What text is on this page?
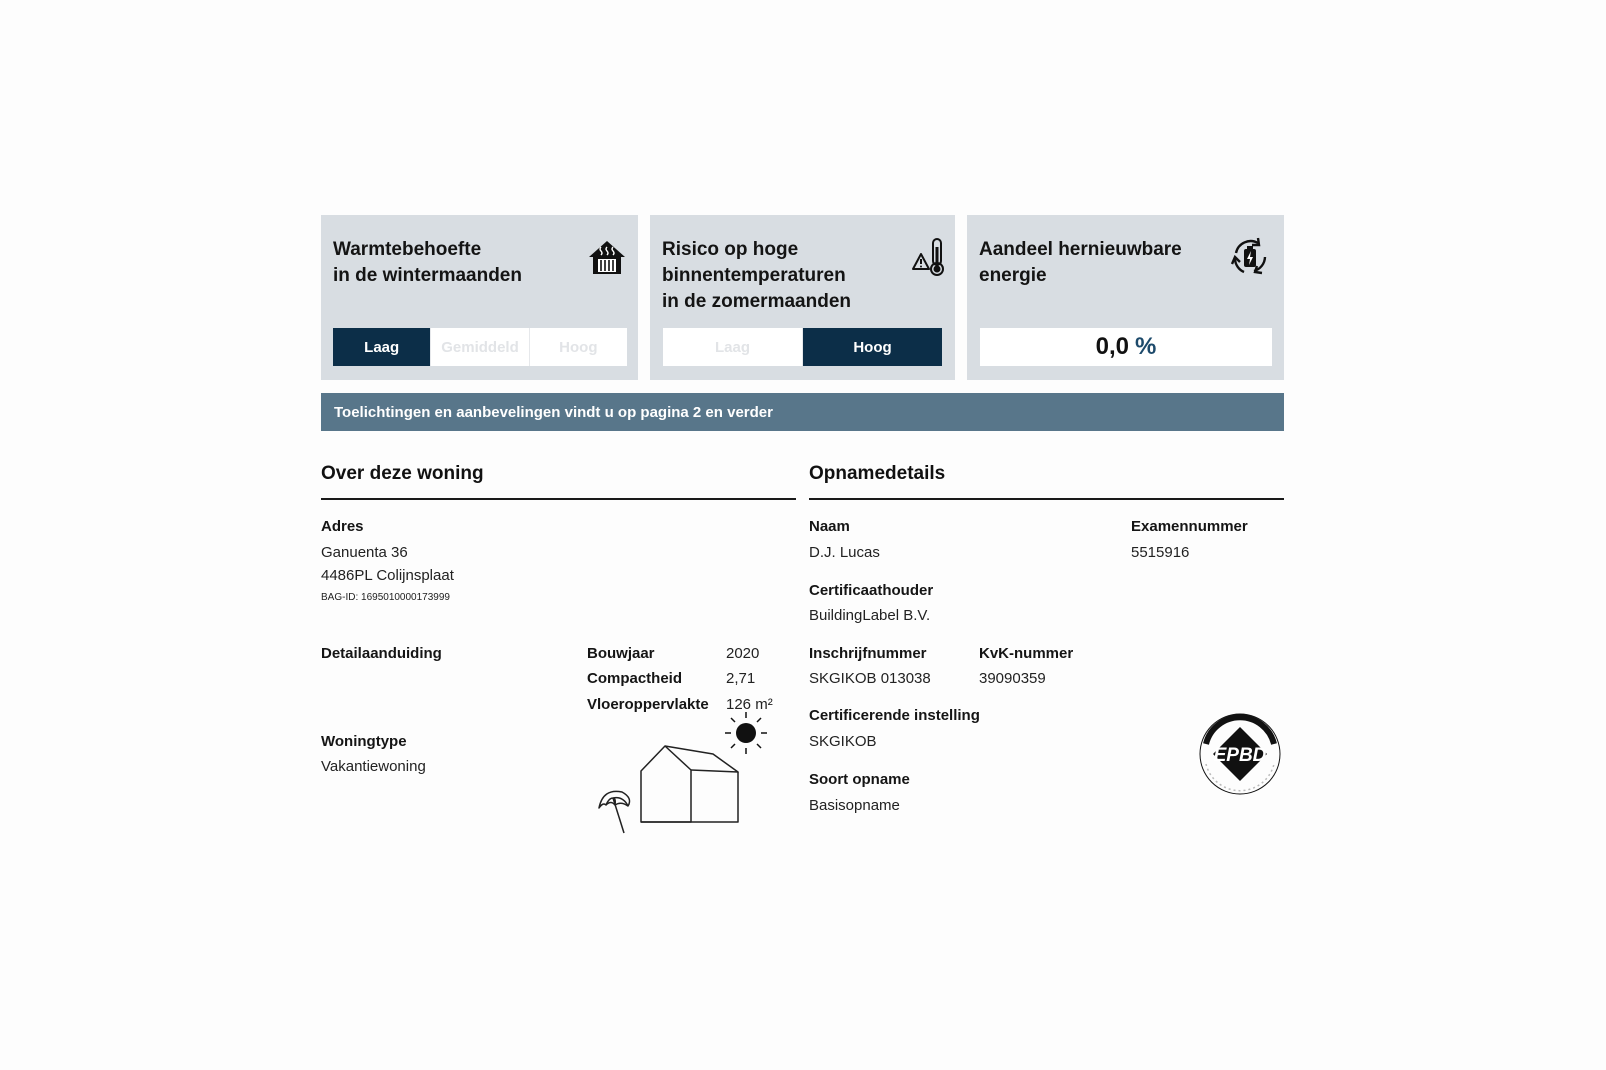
Warmtebehoefte
in de wintermaanden
Laag	Gemiddeld	Hoog
Risico op hoge
binnentemperaturen
in de zomermaanden
Laag	Hoog
Aandeel hernieuwbare
energie
0,0 %
Toelichtingen en aanbevelingen vindt u op pagina 2 en verder
Over deze woning
Adres
Ganuenta 36
4486PL Colijnsplaat
BAG-ID: 1695010000173999
Detailaanduiding	Bouwjaar	2020
Compactheid	2,71
Vloeroppervlakte 126 m²
Woningtype
Vakantiewoning
Opnamedetails
Naam
D.J. Lucas
Examennummer
5515916
Certificaathouder
BuildingLabel B.V.
Inschrijfnummer
SKGIKOB 013038
KvK-nummer
39090359
Certificerende instelling
SKGIKOB
Soort opname
Basisopname
EPBD
